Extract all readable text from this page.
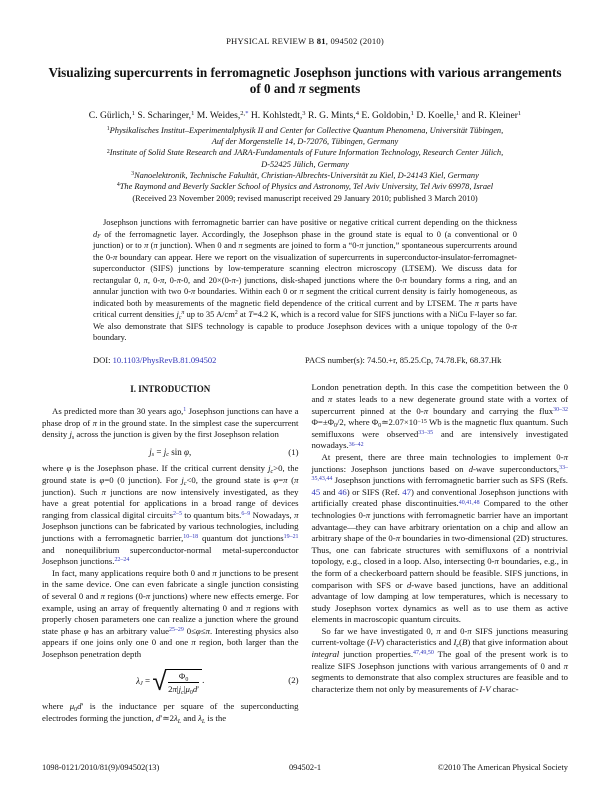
PHYSICAL REVIEW B 81, 094502 (2010)
Visualizing supercurrents in ferromagnetic Josephson junctions with various arrangements
of 0 and π segments
C. Gürlich,$^1$ S. Scharinger,$^1$ M. Weides,$^{2,*}$ H. Kohlstedt,$^3$ R. G. Mints,$^4$ E. Goldobin,$^1$ D. Koelle,$^1$ and R. Kleiner$^1$
$^1$Physikalisches Institut–Experimentalphysik II and Center for Collective Quantum Phenomena, Universität Tübingen,
Auf der Morgenstelle 14, D-72076, Tübingen, Germany
$^2$Institute of Solid State Research and JARA-Fundamentals of Future Information Technology, Research Center Jülich,
D-52425 Jülich, Germany
$^3$Nanoelektronik, Technische Fakultät, Christian-Albrechts-Universität zu Kiel, D-24143 Kiel, Germany
$^4$The Raymond and Beverly Sackler School of Physics and Astronomy, Tel Aviv University, Tel Aviv 69978, Israel
(Received 23 November 2009; revised manuscript received 29 January 2010; published 3 March 2010)
Josephson junctions with ferromagnetic barrier can have positive or negative critical current depending on the thickness dF of the ferromagnetic layer. Accordingly, the Josephson phase in the ground state is equal to 0 (a conventional or 0 junction) or to π (π junction). When 0 and π segments are joined to form a “0-π junction,” spontaneous supercurrents around the 0-π boundary can appear. Here we report on the visualization of supercurrents in superconductor-insulator-ferromagnet-superconductor (SIFS) junctions by low-temperature scanning electron microscopy (LTSEM). We discuss data for rectangular 0, π, 0-π, 0-π-0, and 20×(0-π-) junctions, disk-shaped junctions where the 0-π boundary forms a ring, and an annular junction with two 0-π boundaries. Within each 0 or π segment the critical current density is fairly homogeneous, as indicated both by measurements of the magnetic field dependence of the critical current and by LTSEM. The π parts have critical current densities $jc^\pi$ up to 35 $A/cm^2$ at T=4.2 K, which is a record value for SIFS junctions with a NiCu F-layer so far. We also demonstrate that SIFS technology is capable to produce Josephson devices with a unique topology of the 0-π boundary.
DOI: 10.1103/PhysRevB.81.094502	PACS number(s): 74.50.+r, 85.25.Cp, 74.78.Fk, 68.37.Hk
I. INTRODUCTION

As predicted more than 30 years ago,$^1$ Josephson junctions can have a phase drop of π in the ground state. In the simplest case the supercurrent density js across the junction is given by the first Josephson relation

js = jc sin φ,	(1)

where φ is the Josephson phase. If the critical current density jc>0, the ground state is φ=0 (0 junction). For jc<0, the ground state is φ=π (π junction). Such π junctions are now intensively investigated, as they have a great potential for applications in a broad range of devices ranging from classical digital circuits$^{2-5}$ to quantum bits.$^{6-9}$ Nowadays, π Josephson junctions can be fabricated by various technologies, including junctions with a ferromagnetic barrier,$^{10-18}$ quantum dot junctions$^{19-21}$ and nonequilibrium superconductor-normal metal-superconductor Josephson junctions.$^{22-24}$

In fact, many applications require both 0 and π junctions to be present in the same device. One can even fabricate a single junction consisting of several 0 and π regions (0-π junctions) where new effects emerge. For example, using an array of frequently alternating 0 and π regions with properly chosen parameters one can realize a junction where the ground state phase φ has an arbitrary value$^{25-29}$ 0≤φ≤π. Interesting physics also appears if one joins only one 0 and one π region, both larger than the Josephson penetration depth

λJ = √ $\frac{\Phi 0}{2\pi|jc|\mu 0d'}$ .	(2)

where μ0d′ is the inductance per square of the superconducting electrodes forming the junction, d′≃2λL and λL is the

London penetration depth. In this case the competition between the 0 and π states leads to a new degenerate ground state with a vortex of supercurrent pinned at the 0-π boundary and carrying the flux$^{30-32}$ Φ=±Φ0/2, where $\Phi 0≃2.07\times 10^{-15}$ Wb is the magnetic flux quantum. Such semifluxons were observed$^{33-35}$ and are intensively investigated nowadays.$^{36-42}$

At present, there are three main technologies to implement 0-π junctions: Josephson junctions based on d-wave superconductors,$^{33-35,43,44}$ Josephson junctions with ferromagnetic barrier such as SFS (Refs. 45 and 46) or SIFS (Ref. 47) and conventional Josephson junctions with artificially created phase discontinuities.$^{40,41,48}$ Compared to the other technologies 0-π junctions with ferromagnetic barrier have an important advantage—they can have arbitrary orientation on a chip and allow an arbitrary shape of the 0-π boundaries in two-dimensional (2D) structures. Thus, one can fabricate structures with semifluxons of a nontrivial topology, e.g., closed in a loop. Also, intersecting 0-π boundaries, e.g., in the form of a checkerboard pattern should be feasible. SIFS junctions, in comparison with SFS or d-wave based junctions, have an additional advantage of low damping at low temperatures, which is necessary to study Josephson vortex dynamics as well as to use them as active elements in macroscopic quantum circuits.

So far we have investigated 0, π and 0-π SIFS junctions measuring current-voltage (I-V) characteristics and Ic(B) that give information about integral junction properties.$^{47,49,50}$ The goal of the present work is to realize SIFS Josephson junctions with various arrangements of 0 and π segments to demonstrate that also complex structures are feasible and to characterize them not only by measurements of I-V charac-

094502-1
1098-0121/2010/81(9)/094502(13)	©2010 The American Physical Society
